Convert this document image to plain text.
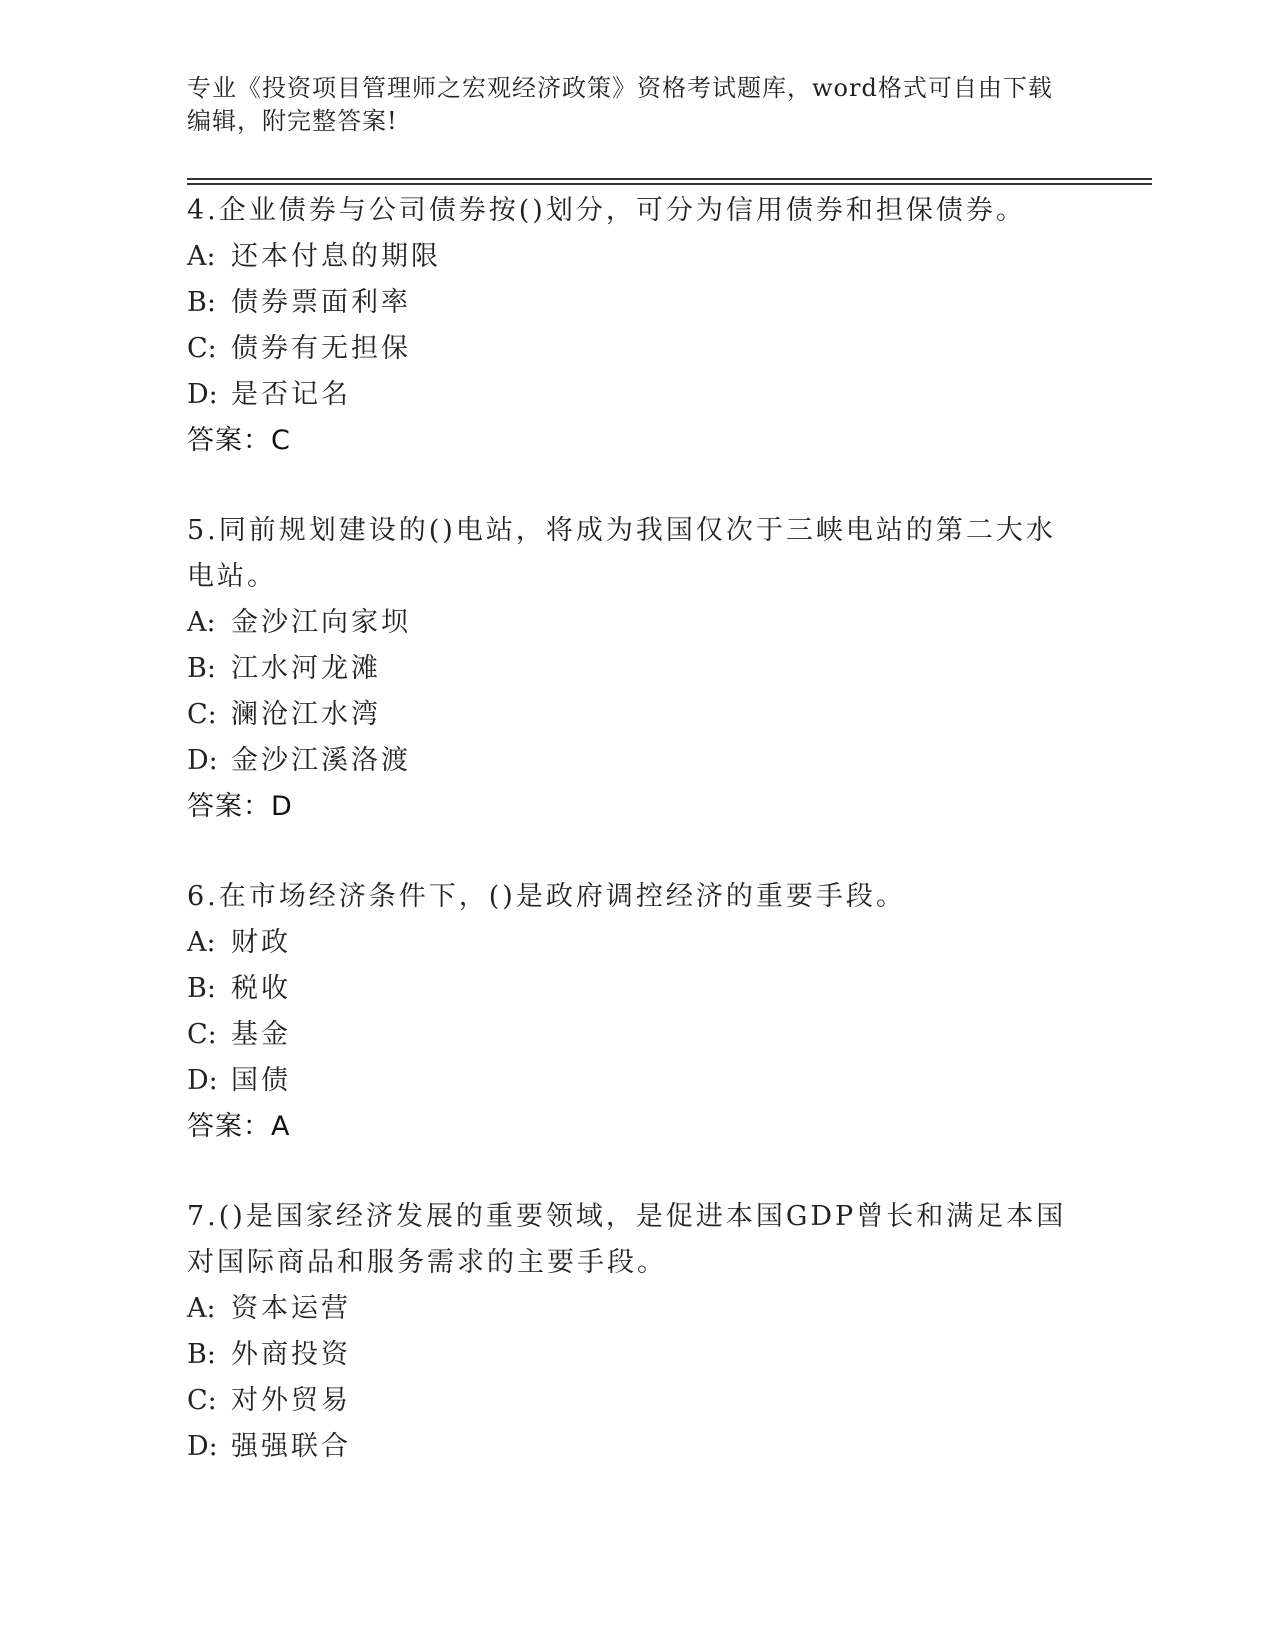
专业《投资项目管理师之宏观经济政策》资格考试题库，word格式可自由下载编辑，附完整答案!

4.企业债券与公司债券按()划分，可分为信用债券和担保债券。

A: 还本付息的期限
B: 债券票面利率
C: 债券有无担保
D: 是否记名
答案：C

5.同前规划建设的()电站，将成为我国仅次于三峡电站的第二大水电站。

A: 金沙江向家坝
B: 江水河龙滩
C: 澜沧江水湾
D: 金沙江溪洛渡
答案：D

6.在市场经济条件下，()是政府调控经济的重要手段。

A: 财政
B: 税收
C: 基金
D: 国债
答案：A

7.()是国家经济发展的重要领域，是促进本国GDP曾长和满足本国对国际商品和服务需求的主要手段。

A: 资本运营
B: 外商投资
C: 对外贸易
D: 强强联合
